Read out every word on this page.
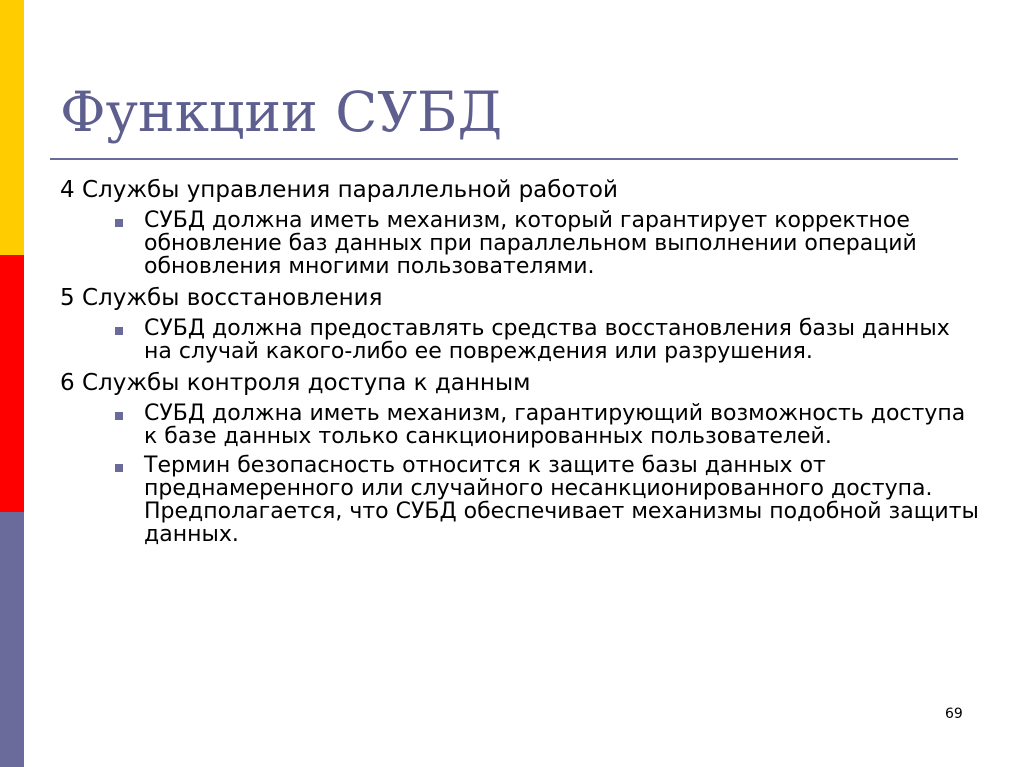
Функции СУБД

4 Службы управления параллельной работой

СУБД должна иметь механизм, который гарантирует корректное обновление баз данных при параллельном выполнении операций обновления многими пользователями.

5 Службы восстановления

СУБД должна предоставлять средства восстановления базы данных на случай какого-либо ее повреждения или разрушения.

6 Службы контроля доступа к данным

СУБД должна иметь механизм, гарантирующий возможность доступа к базе данных только санкционированных пользователей.
Термин безопасность относится к защите базы данных от преднамеренного или случайного несанкционированного доступа. Предполагается, что СУБД обеспечивает механизмы подобной защиты данных.
69
